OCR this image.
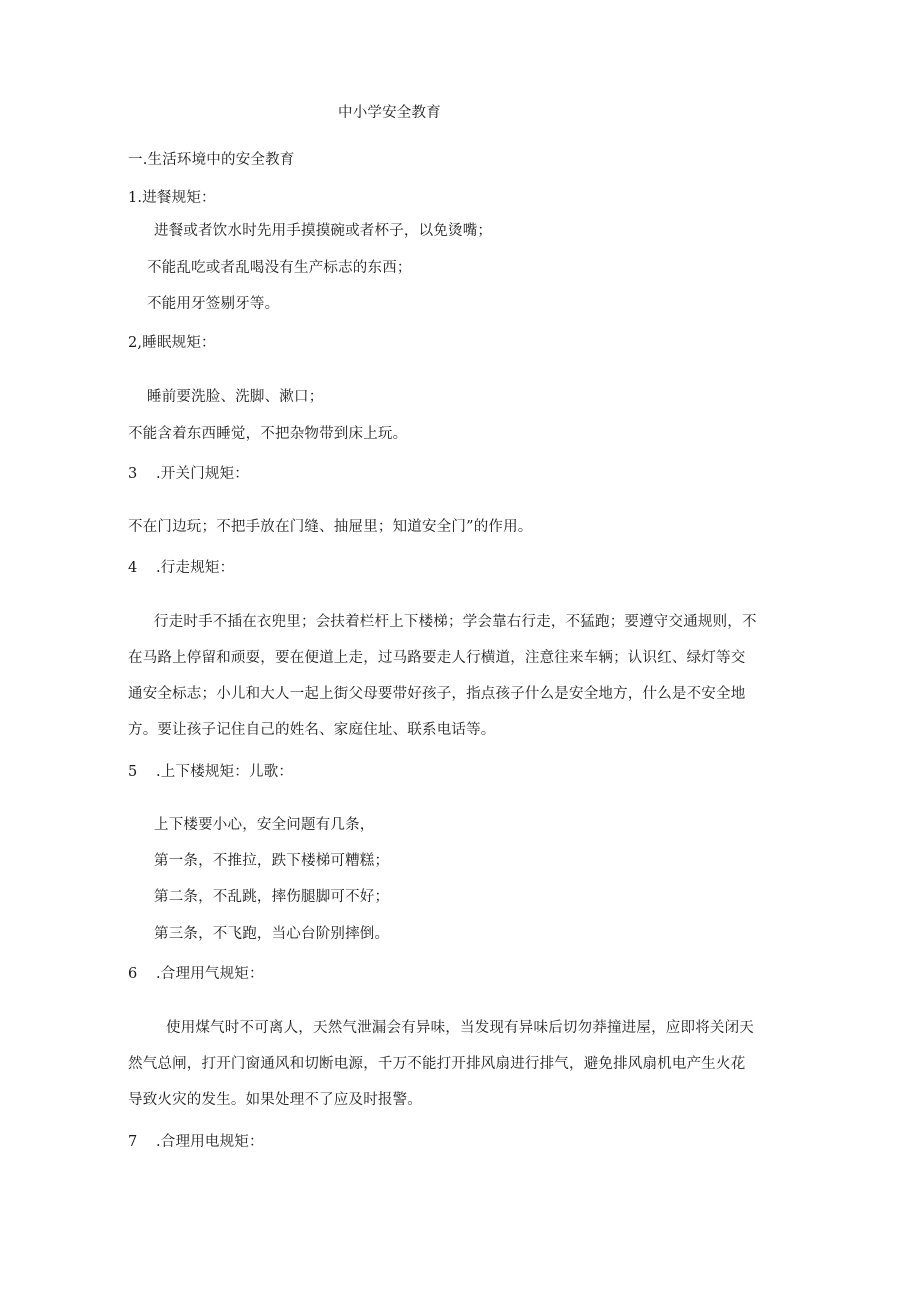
中小学安全教育
一.生活环境中的安全教育
1.进餐规矩：
进餐或者饮水时先用手摸摸碗或者杯子，以免烫嘴；
不能乱吃或者乱喝没有生产标志的东西；
不能用牙签剔牙等。
2,睡眠规矩：
睡前要洗脸、洗脚、漱口；
不能含着东西睡觉，不把杂物带到床上玩。
3 .开关门规矩：
不在门边玩；不把手放在门缝、抽屉里；知道安全门”的作用。
4 .行走规矩：
行走时手不插在衣兜里；会扶着栏杆上下楼梯；学会靠右行走，不猛跑；要遵守交通规则，不
在马路上停留和顽耍，要在便道上走，过马路要走人行横道，注意往来车辆；认识红、绿灯等交
通安全标志；小儿和大人一起上街父母要带好孩子，指点孩子什么是安全地方，什么是不安全地
方。要让孩子记住自己的姓名、家庭住址、联系电话等。
5 .上下楼规矩：儿歌：
上下楼要小心，安全问题有几条，
第一条，不推拉，跌下楼梯可糟糕；
第二条，不乱跳，摔伤腿脚可不好；
第三条，不飞跑，当心台阶别摔倒。
6 .合理用气规矩：
使用煤气时不可离人，天然气泄漏会有异味，当发现有异味后切勿莽撞进屋，应即将关闭天
然气总闸，打开门窗通风和切断电源，千万不能打开排风扇进行排气，避免排风扇机电产生火花
导致火灾的发生。如果处理不了应及时报警。
7 .合理用电规矩：
